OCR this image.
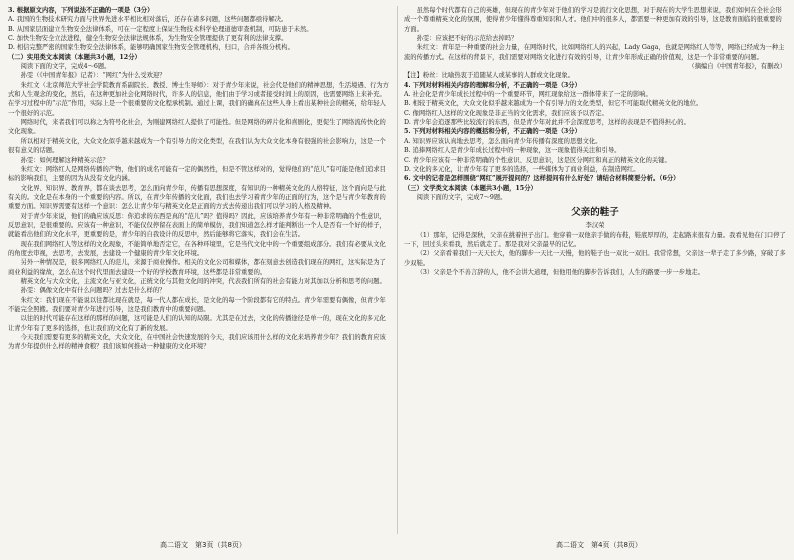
3. 根据原文内容，下列说法不正确的一项是（3分）

A. 我国的生物技术研究力面与世界先进水平相比相对落后，还存在诸多问题，这些问题都亟待解决。

B. 从国家层面建立生物安全法律体系，可在一定程度上保证生物技术科学伦理道德审查机制，可防患于未然。

C. 加快生物安全立法进程，健全生物安全法律法规体系，为生物安全管理提供了更有利的法律支撑。

D. 相信完整严密的国家生物安全法律体系，能够明确国家生物安全管理机构，归口，合并各级分机构。

（二）实用类文本阅读（本题共3小题，12分）

阅读下面的文字，完成4～6题。

孙雯（《中国青年报》记者）：“网红”为什么受欢迎？

朱红文（北京师范大学社会学院教育系副院长、教授、博士生导师）：对于青少年来说，社会代是他们的精神思想，生活境遇、行为方式和人生观念的变化，然后，在这种更加社会化网络时代，许多人的信息，他们由于学习或者接受时间上的原因，也需要网络上来补充。在学习过程中的“示范”作用，实际上是一个很重要的文化程承机制。通过上课，我们的确真在这些人身上看出某种社会的精英，给年轻人一个很好的示范。

网络时代，来者我们可以称之为符号化社会，为刚建网络红人提供了可能性。但是网络的碎片化和喜剧化，更促生了网络流传快化的文化现象。

所以相对于精英文化，大众文化似乎越来越成为一个有引导力的文化类型，在我们认为大众文化本身有很强的社会影响力，这是一个很有意义的话题。

孙雯：如何理解这种精英示范？

朱红文：网络红人是网络传播的产物，他们的成名可能有一定的偶然性，但是不管这样对的，觉得他们的“范儿”有可能是他们追求目标的影响我们，主要的因为从没有文化内涵。

文化界、知识界、教育界，都在谈去思考，怎么面向青少年，传播有思想深度，有知识的一种精英文化的人格特征，这个面向是与此有关的。文化是在本身的一个重要的内容。所以，在青少年传播的文化面，我们也去学习着青少年的正面的行为，这个是与青少年教育的重要方面。知识界需要有这样一个意识：怎么让青少年与精英文化是正面的方式去传递出我们可以学习的人格及精神。

对于青少年来说，他们的确应该反思：你追求的东西是真的“范儿”吗？值得吗？因此，应该培养青少年有一种非常明确的个性意识，反思意识，是很重要的。应该有一种意识，不能仅仅停留在表面上的简单模仿，我们知道怎么样才能判断出一个人是否有一个好的样子，就能看出他们的文化水平，更重要的是，青少年的自我设计的反思中，然后能够将它落实，我们会在生活。

现在我们网络红人等这样的文化现象，不能简单地否定它，在各种环境里，它是当代文化中的一个重要组成部分。我们有必要从文化的角度去审视，去思考，去发展，去建设一个健康的青少年文化环境。

另外一种情况是，很多网络红人的范儿，来源于商业操作。相关的文化公司和媒体，都在刻意去创造我们现在的网红，这实际是为了商业利益的缘故，怎么在这个时代里面去建设一个好的学校教育环境，这些都是非常重要的。

精英文化与大众文化，主流文化与亚文化，正统文化与其他文化间的冲突，代表我们所有的社会有能力对其加以分析和思考的问题。

孙雯：偶像文化中有什么问题吗？过去是什么样的？

朱红文：我们现在不能说以往都比现在就是，每一代人都在成长，是文化的每一个阶段都有它的特点。青少年需要有偶像，但青少年不能完全照搬。我们要对青少年进行引导，这是我们教育中的重要问题。

以往的时代可能存在这样的那样的问题，这可能是人们的认知的局限。尤其是在过去，文化的传播途径是单一的，现在文化的多元化让青少年有了更多的选择，也让我们的文化有了新的发展。

今天我们需要有更多的精英文化，大众文化，在中国社会快速发展的今天，我们应该用什么样的文化来培养青少年？我们的教育应该为青少年提供什么样的精神食粮？我们该如何推动一种健康的文化环境？

虽然每个时代都有自己的英雄，但现在的青少年对于他们的学习是流行文化思想，对于现在的大学生思想来说，我们如何在全社会形成一个尊重精英文化的氛围，使得青少年懂得尊重知识和人才。他们中的很多人，都需要一种更加有效的引导，这是教育面临的很重要的方面。

孙雯：应该把不好的示范给去掉吗？

朱红文：青年是一种重要的社会力量，在网络时代，比如网络红人的兴起，Lady Gaga，也就是网络红人等等，网络已经成为一种主流的传播方式。在这样的背景下，我们需要对网络文化进行有效的引导，让青少年形成正确的价值观，这是一个非常重要的问题。

（摘编自《中国青年报》，有删改）

【注】粉丝：比喻热衷于追随某人或某事的人群或文化现象。

4. 下列对材料相关内容的理解和分析，不正确的一项是（3分）

A. 社会化是青少年成长过程中的一个重要环节，网红现象给这一群体带来了一定的影响。

B. 相较于精英文化，大众文化似乎越来越成为一个有引导力的文化类型，但它不可能取代精英文化的地位。

C. 像网络红人这样的文化现象是非正当的文化需求，我们应该予以否定。

D. 青少年会追逐那些比较流行的东西，但是青少年对此并不会深度思考，这样的表现是不值得担心的。

5. 下列对材料相关内容的概括和分析，不正确的一项是（3分）

A. 知识界应该认真地去思考，怎么面向青少年传播有深度的思想文化。

B. 追捧网络红人是青少年成长过程中的一种现象，这一现象值得关注和引导。

C. 青少年应该有一种非常明确的个性意识、反思意识，这是区分网红和真正的精英文化的关键。

D. 文化的多元化，让青少年有了更多的选择，一些媒体为了商业利益，在制造网红。

6. 文中的记者是怎样围绕“网红”展开提问的？这样提问有什么好处？请结合材料简要分析。（6分）

（三）文学类文本阅读（本题共3小题，15分）

阅读下面的文字，完成7～9题。

父亲的鞋子
李汉荣

（1）那年，记得是深秋，父亲在挑着担子出门。他穿着一双他亲手做的布鞋，鞋底厚厚的，走起路来很有力量。我看见他在门口停了一下，回过头来看我，然后就走了。那是我对父亲最早的记忆。

（2）父亲看着我们一天天长大，他的脚步一天比一天慢，他的鞋子也一双比一双旧。我常常想，父亲这一辈子走了多少路，穿破了多少双鞋。

（3）父亲是个不善言辞的人，他不会讲大道理，但他用他的脚步告诉我们，人生的路要一步一步地走。

高二语文　第3页（共8页）	高二语文　第4页（共8页）
